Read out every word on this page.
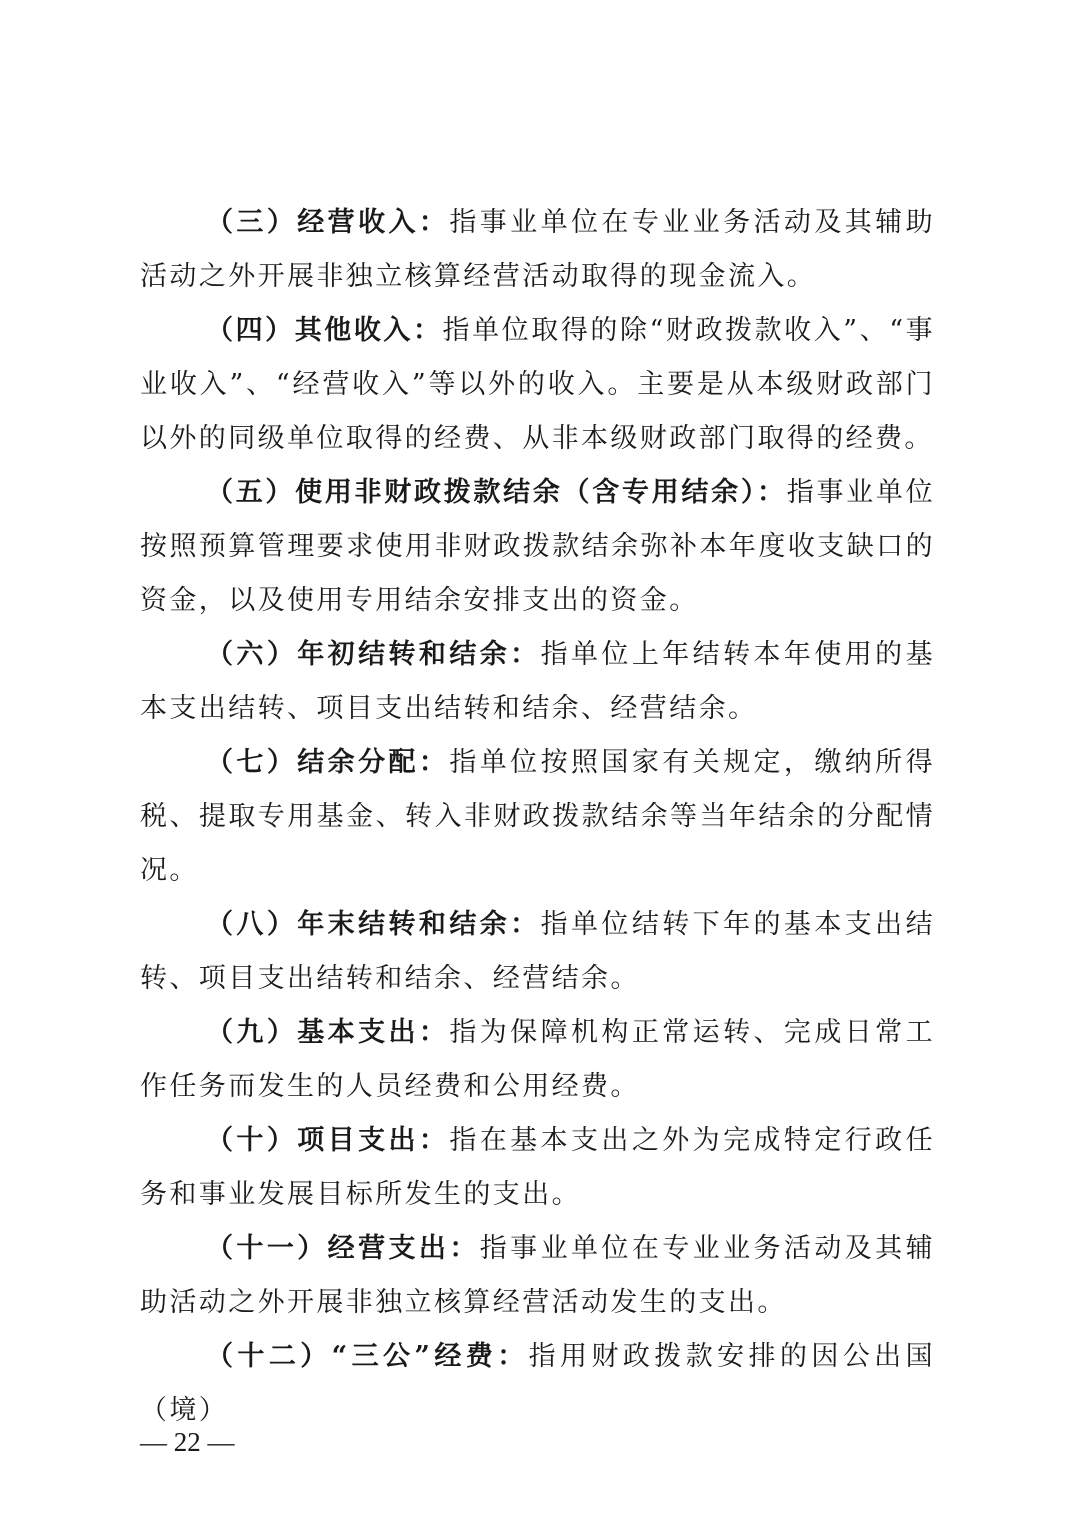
（三）经营收入：指事业单位在专业业务活动及其辅助活动之外开展非独立核算经营活动取得的现金流入。

（四）其他收入：指单位取得的除“财政拨款收入”、“事业收入”、“经营收入”等以外的收入。主要是从本级财政部门以外的同级单位取得的经费、从非本级财政部门取得的经费。

（五）使用非财政拨款结余（含专用结余）：指事业单位按照预算管理要求使用非财政拨款结余弥补本年度收支缺口的资金，以及使用专用结余安排支出的资金。

（六）年初结转和结余：指单位上年结转本年使用的基本支出结转、项目支出结转和结余、经营结余。

（七）结余分配：指单位按照国家有关规定，缴纳所得税、提取专用基金、转入非财政拨款结余等当年结余的分配情况。

（八）年末结转和结余：指单位结转下年的基本支出结转、项目支出结转和结余、经营结余。

（九）基本支出：指为保障机构正常运转、完成日常工作任务而发生的人员经费和公用经费。

（十）项目支出：指在基本支出之外为完成特定行政任务和事业发展目标所发生的支出。

（十一）经营支出：指事业单位在专业业务活动及其辅助活动之外开展非独立核算经营活动发生的支出。

（十二）“三公”经费：指用财政拨款安排的因公出国（境）

— 22 —
